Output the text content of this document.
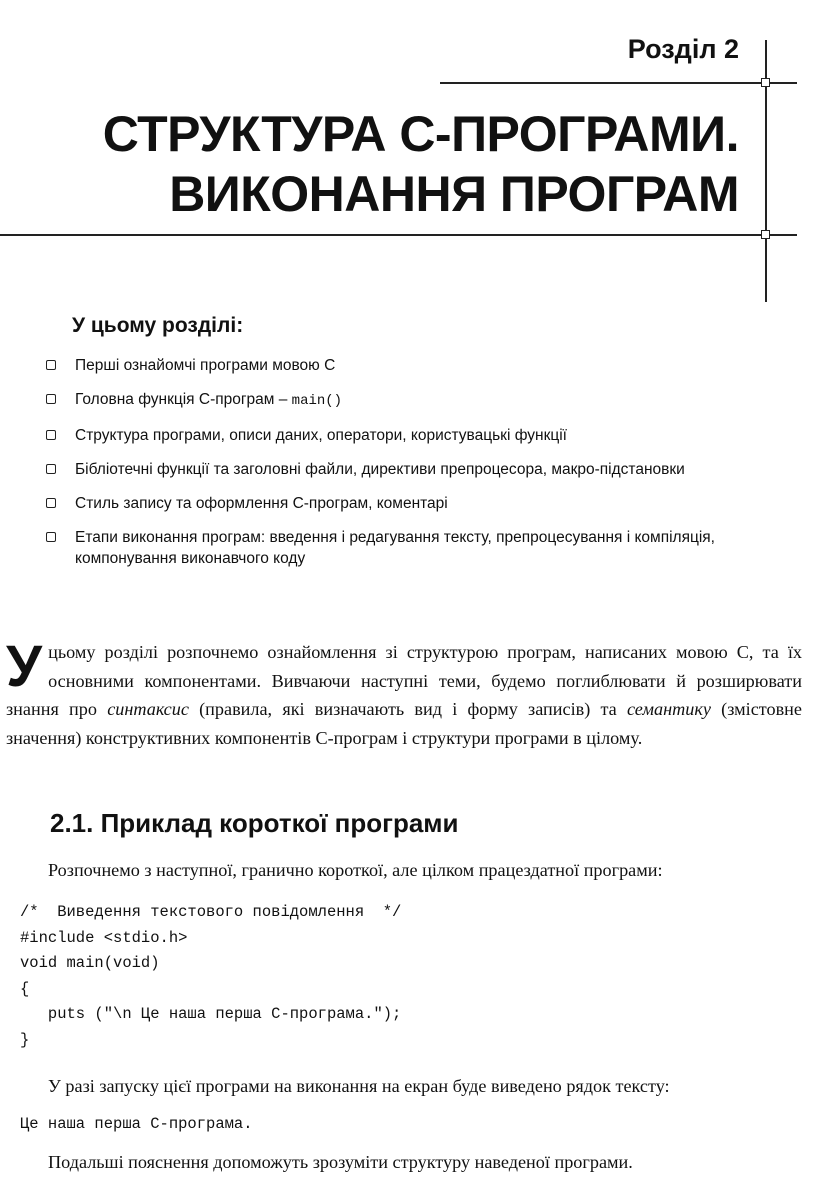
Розділ 2
СТРУКТУРА С-ПРОГРАМИ.
ВИКОНАННЯ ПРОГРАМ
У цьому розділі:
Перші ознайомчі програми мовою С
Головна функція С-програм – main()
Структура програми, описи даних, оператори, користувацькі функції
Бібліотечні функції та заголовні файли, директиви препроцесора, макро-підстановки
Стиль запису та оформлення С-програм, коментарі
Етапи виконання програм: введення і редагування тексту, препроцесування і компіляція, компонування виконавчого коду

У цьому розділі розпочнемо ознайомлення зі структурою програм, написаних мовою С, та їх основними компонентами. Вивчаючи наступні теми, будемо поглиблювати й розширювати знання про синтаксис (правила, які визначають вид і форму записів) та семантику (змістовне значення) конструктивних компонентів С-програм і структури програми в цілому.

2.1. Приклад короткої програми

Розпочнемо з наступної, гранично короткої, але цілком працездатної програми:

/*  Виведення текстового повідомлення  */
#include <stdio.h>
void main(void)
{
puts ("\n Це наша перша С-програма.");
}

У разі запуску цієї програми на виконання на екран буде виведено рядок тексту:

Це наша перша С-програма.

Подальші пояснення допоможуть зрозуміти структуру наведеної програми.
